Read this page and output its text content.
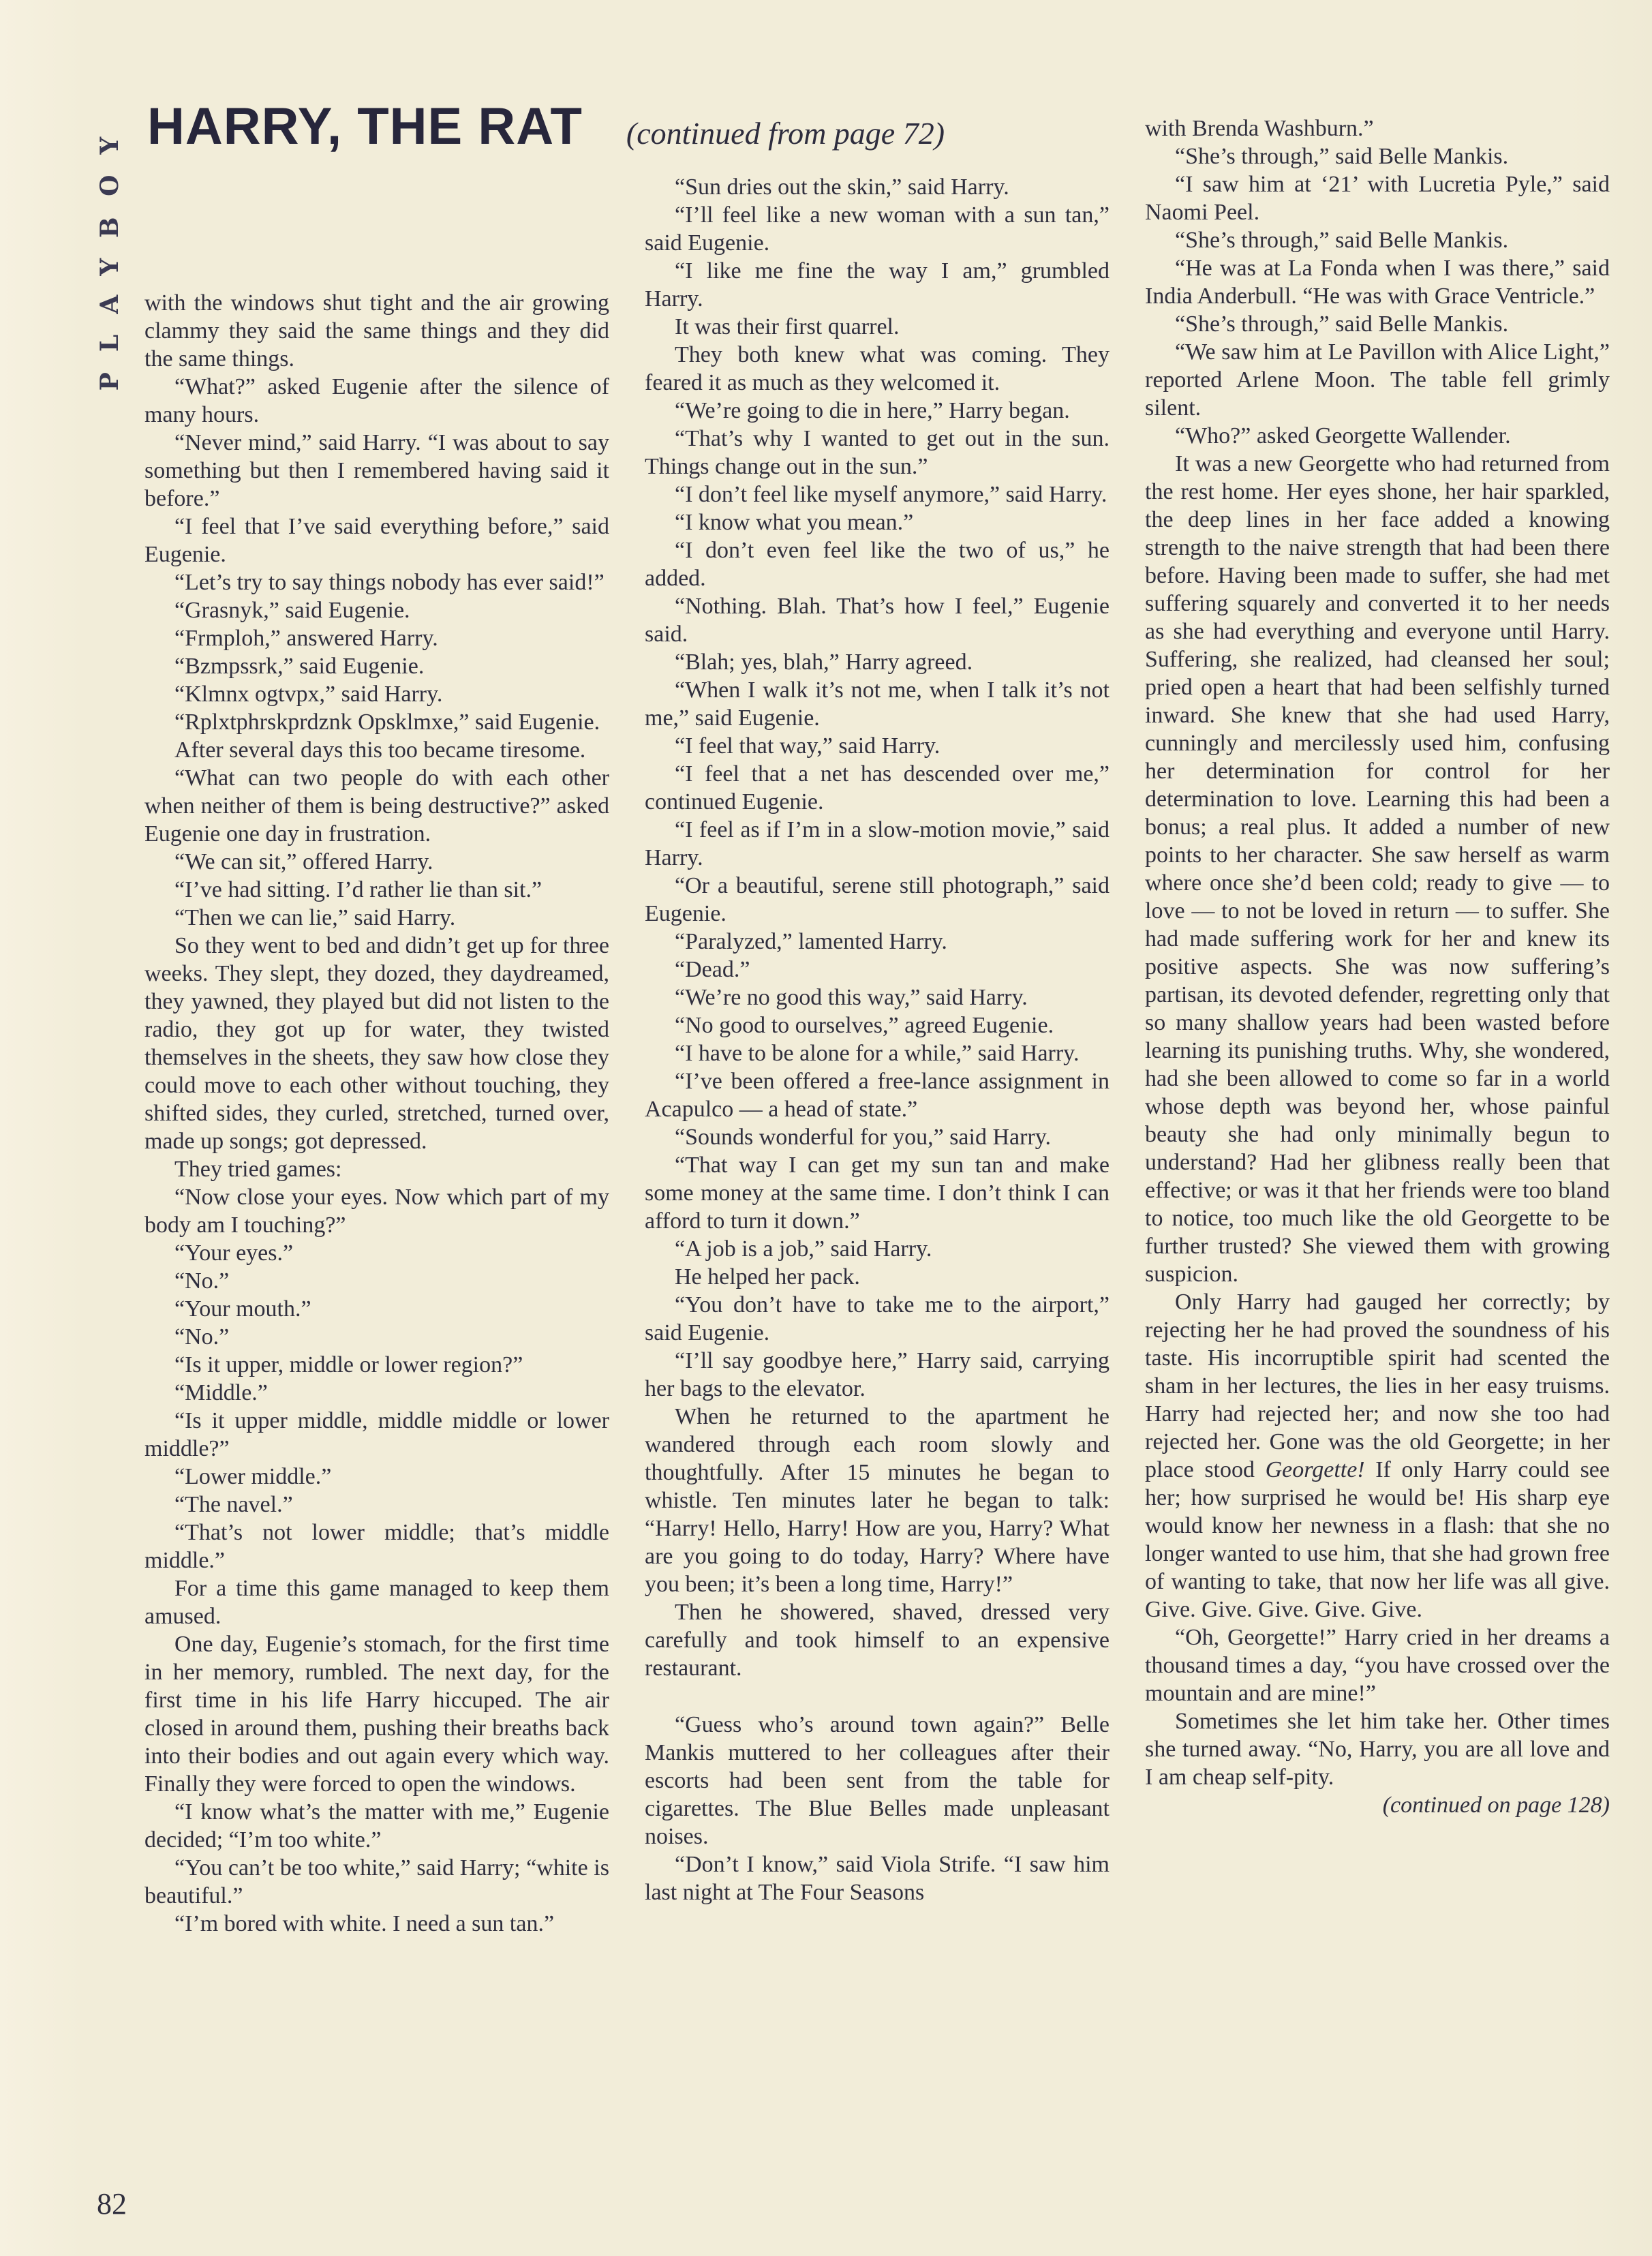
PLAYBOY HARRY, THE RAT (continued from page 72)

with the windows shut tight and the air growing clammy they said the same things and they did the same things.

“What?” asked Eugenie after the silence of many hours.

“Never mind,” said Harry. “I was about to say something but then I remembered having said it before.”

“I feel that I’ve said everything before,” said Eugenie.

“Let’s try to say things nobody has ever said!”

“Grasnyk,” said Eugenie.

“Frmploh,” answered Harry.

“Bzmpssrk,” said Eugenie.

“Klmnx ogtvpx,” said Harry.

“Rplxtphrskprdznk Opsklmxe,” said Eugenie.

After several days this too became tiresome.

“What can two people do with each other when neither of them is being destructive?” asked Eugenie one day in frustration.

“We can sit,” offered Harry.

“I’ve had sitting. I’d rather lie than sit.”

“Then we can lie,” said Harry.

So they went to bed and didn’t get up for three weeks. They slept, they dozed, they daydreamed, they yawned, they played but did not listen to the radio, they got up for water, they twisted themselves in the sheets, they saw how close they could move to each other without touching, they shifted sides, they curled, stretched, turned over, made up songs; got depressed.

They tried games:

“Now close your eyes. Now which part of my body am I touching?”

“Your eyes.”

“No.”

“Your mouth.”

“No.”

“Is it upper, middle or lower region?”

“Middle.”

“Is it upper middle, middle middle or lower middle?”

“Lower middle.”

“The navel.”

“That’s not lower middle; that’s middle middle.”

For a time this game managed to keep them amused.

One day, Eugenie’s stomach, for the first time in her memory, rumbled. The next day, for the first time in his life Harry hiccuped. The air closed in around them, pushing their breaths back into their bodies and out again every which way. Finally they were forced to open the windows.

“I know what’s the matter with me,” Eugenie decided; “I’m too white.”

“You can’t be too white,” said Harry; “white is beautiful.”

“I’m bored with white. I need a sun tan.”

“Sun dries out the skin,” said Harry.

“I’ll feel like a new woman with a sun tan,” said Eugenie.

“I like me fine the way I am,” grumbled Harry.

It was their first quarrel.

They both knew what was coming. They feared it as much as they welcomed it.

“We’re going to die in here,” Harry began.

“That’s why I wanted to get out in the sun. Things change out in the sun.”

“I don’t feel like myself anymore,” said Harry.

“I know what you mean.”

“I don’t even feel like the two of us,” he added.

“Nothing. Blah. That’s how I feel,” Eugenie said.

“Blah; yes, blah,” Harry agreed.

“When I walk it’s not me, when I talk it’s not me,” said Eugenie.

“I feel that way,” said Harry.

“I feel that a net has descended over me,” continued Eugenie.

“I feel as if I’m in a slow-motion movie,” said Harry.

“Or a beautiful, serene still photograph,” said Eugenie.

“Paralyzed,” lamented Harry.

“Dead.”

“We’re no good this way,” said Harry.

“No good to ourselves,” agreed Eugenie.

“I have to be alone for a while,” said Harry.

“I’ve been offered a free-lance assignment in Acapulco — a head of state.”

“Sounds wonderful for you,” said Harry.

“That way I can get my sun tan and make some money at the same time. I don’t think I can afford to turn it down.”

“A job is a job,” said Harry.

He helped her pack.

“You don’t have to take me to the airport,” said Eugenie.

“I’ll say goodbye here,” Harry said, carrying her bags to the elevator.

When he returned to the apartment he wandered through each room slowly and thoughtfully. After 15 minutes he began to whistle. Ten minutes later he began to talk: “Harry! Hello, Harry! How are you, Harry? What are you going to do today, Harry? Where have you been; it’s been a long time, Harry!”

Then he showered, shaved, dressed very carefully and took himself to an expensive restaurant.

“Guess who’s around town again?” Belle Mankis muttered to her colleagues after their escorts had been sent from the table for cigarettes. The Blue Belles made unpleasant noises.

“Don’t I know,” said Viola Strife. “I saw him last night at The Four Seasons

with Brenda Washburn.”

“She’s through,” said Belle Mankis.

“I saw him at ‘21’ with Lucretia Pyle,” said Naomi Peel.

“She’s through,” said Belle Mankis.

“He was at La Fonda when I was there,” said India Anderbull. “He was with Grace Ventricle.”

“She’s through,” said Belle Mankis.

“We saw him at Le Pavillon with Alice Light,” reported Arlene Moon. The table fell grimly silent.

“Who?” asked Georgette Wallender.

It was a new Georgette who had returned from the rest home. Her eyes shone, her hair sparkled, the deep lines in her face added a knowing strength to the naive strength that had been there before. Having been made to suffer, she had met suffering squarely and converted it to her needs as she had everything and everyone until Harry. Suffering, she realized, had cleansed her soul; pried open a heart that had been selfishly turned inward. She knew that she had used Harry, cunningly and mercilessly used him, confusing her determination for control for her determination to love. Learning this had been a bonus; a real plus. It added a number of new points to her character. She saw herself as warm where once she’d been cold; ready to give — to love — to not be loved in return — to suffer. She had made suffering work for her and knew its positive aspects. She was now suffering’s partisan, its devoted defender, regretting only that so many shallow years had been wasted before learning its punishing truths. Why, she wondered, had she been allowed to come so far in a world whose depth was beyond her, whose painful beauty she had only minimally begun to understand? Had her glibness really been that effective; or was it that her friends were too bland to notice, too much like the old Georgette to be further trusted? She viewed them with growing suspicion.

Only Harry had gauged her correctly; by rejecting her he had proved the soundness of his taste. His incorruptible spirit had scented the sham in her lectures, the lies in her easy truisms. Harry had rejected her; and now she too had rejected her. Gone was the old Georgette; in her place stood Georgette! If only Harry could see her; how surprised he would be! His sharp eye would know her newness in a flash: that she no longer wanted to use him, that she had grown free of wanting to take, that now her life was all give. Give. Give. Give. Give. Give.

“Oh, Georgette!” Harry cried in her dreams a thousand times a day, “you have crossed over the mountain and are mine!”

Sometimes she let him take her. Other times she turned away. “No, Harry, you are all love and I am cheap self-pity.

(continued on page 128)

82
